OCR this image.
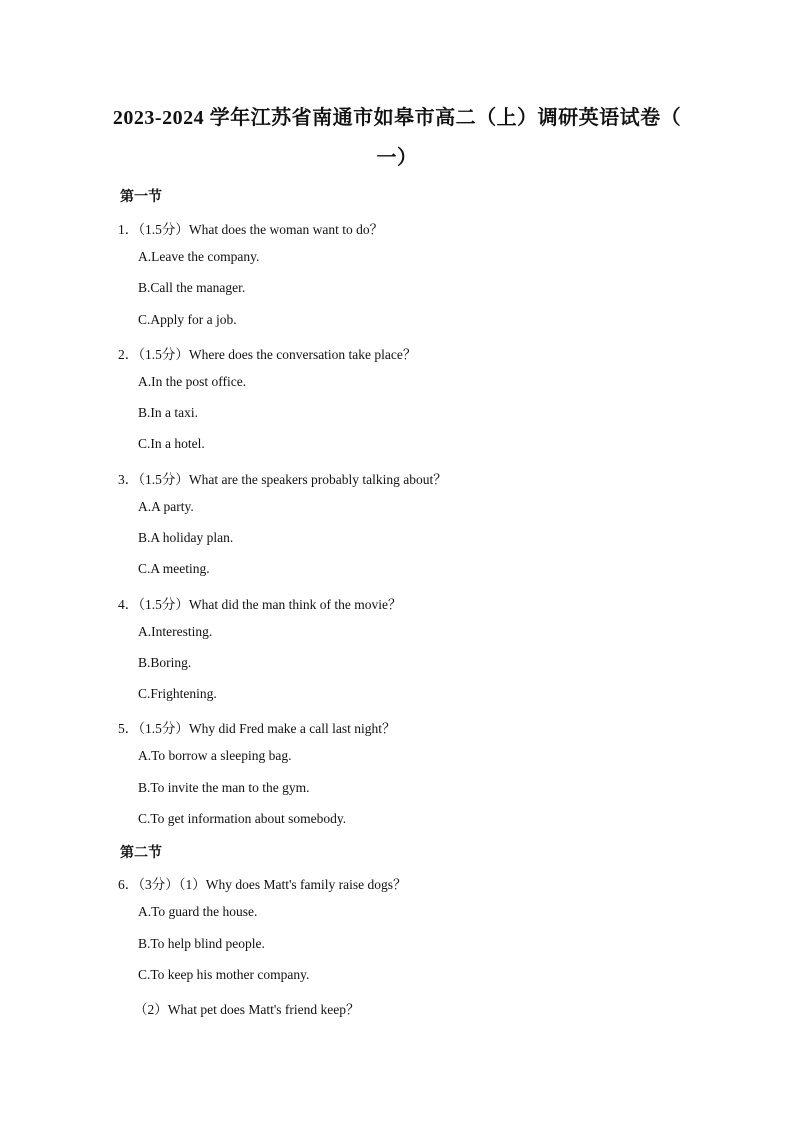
2023-2024 学年江苏省南通市如皋市高二（上）调研英语试卷（
一）
第一节
1．（1.5分）What does the woman want to do？
A.Leave the company.
B.Call the manager.
C.Apply for a job.
2．（1.5分）Where does the conversation take place？
A.In the post office.
B.In a taxi.
C.In a hotel.
3．（1.5分）What are the speakers probably talking about？
A.A party.
B.A holiday plan.
C.A meeting.
4．（1.5分）What did the man think of the movie？
A.Interesting.
B.Boring.
C.Frightening.
5．（1.5分）Why did Fred make a call last night？
A.To borrow a sleeping bag.
B.To invite the man to the gym.
C.To get information about somebody.
第二节
6．（3分）（1）Why does Matt's family raise dogs？
A.To guard the house.
B.To help blind people.
C.To keep his mother company.
（2）What pet does Matt's friend keep？
